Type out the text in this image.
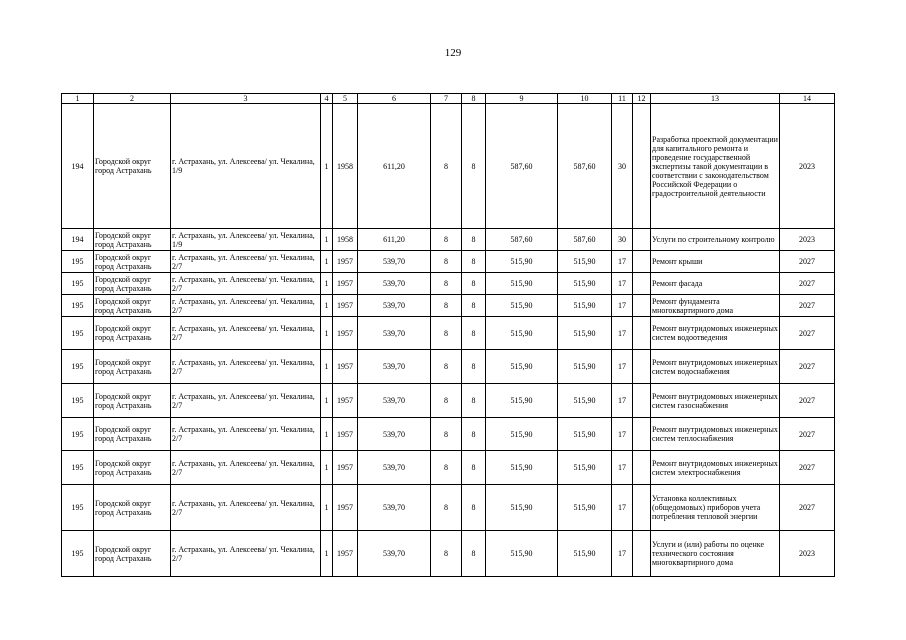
129
1	2	3	4	5	6	7	8	9	10	11	12	13	14
194	Городской округ город Астрахань	г. Астрахань, ул. Алексеева/ ул. Чекалина, 1/9	1	1958	611,20	8	8	587,60	587,60	30		Разработка проектной документации для капитального ремонта и проведение государственной экспертизы такой документации в соответствии с законодательством Российской Федерации о градостроительной деятельности	2023
194	Городской округ город Астрахань	г. Астрахань, ул. Алексеева/ ул. Чекалина, 1/9	1	1958	611,20	8	8	587,60	587,60	30		Услуги по строительному контролю	2023
195	Городской округ город Астрахань	г. Астрахань, ул. Алексеева/ ул. Чекалина, 2/7	1	1957	539,70	8	8	515,90	515,90	17		Ремонт крыши	2027
195	Городской округ город Астрахань	г. Астрахань, ул. Алексеева/ ул. Чекалина, 2/7	1	1957	539,70	8	8	515,90	515,90	17		Ремонт фасада	2027
195	Городской округ город Астрахань	г. Астрахань, ул. Алексеева/ ул. Чекалина, 2/7	1	1957	539,70	8	8	515,90	515,90	17		Ремонт фундамента многоквартирного дома	2027
195	Городской округ город Астрахань	г. Астрахань, ул. Алексеева/ ул. Чекалина, 2/7	1	1957	539,70	8	8	515,90	515,90	17		Ремонт внутридомовых инженерных систем водоотведения	2027
195	Городской округ город Астрахань	г. Астрахань, ул. Алексеева/ ул. Чекалина, 2/7	1	1957	539,70	8	8	515,90	515,90	17		Ремонт внутридомовых инженерных систем водоснабжения	2027
195	Городской округ город Астрахань	г. Астрахань, ул. Алексеева/ ул. Чекалина, 2/7	1	1957	539,70	8	8	515,90	515,90	17		Ремонт внутридомовых инженерных систем газоснабжения	2027
195	Городской округ город Астрахань	г. Астрахань, ул. Алексеева/ ул. Чекалина, 2/7	1	1957	539,70	8	8	515,90	515,90	17		Ремонт внутридомовых инженерных систем теплоснабжения	2027
195	Городской округ город Астрахань	г. Астрахань, ул. Алексеева/ ул. Чекалина, 2/7	1	1957	539,70	8	8	515,90	515,90	17		Ремонт внутридомовых инженерных систем электроснабжения	2027
195	Городской округ город Астрахань	г. Астрахань, ул. Алексеева/ ул. Чекалина, 2/7	1	1957	539,70	8	8	515,90	515,90	17		Установка коллективных (общедомовых) приборов учета потребления тепловой энергии	2027
195	Городской округ город Астрахань	г. Астрахань, ул. Алексеева/ ул. Чекалина, 2/7	1	1957	539,70	8	8	515,90	515,90	17		Услуги и (или) работы по оценке технического состояния многоквартирного дома	2023
